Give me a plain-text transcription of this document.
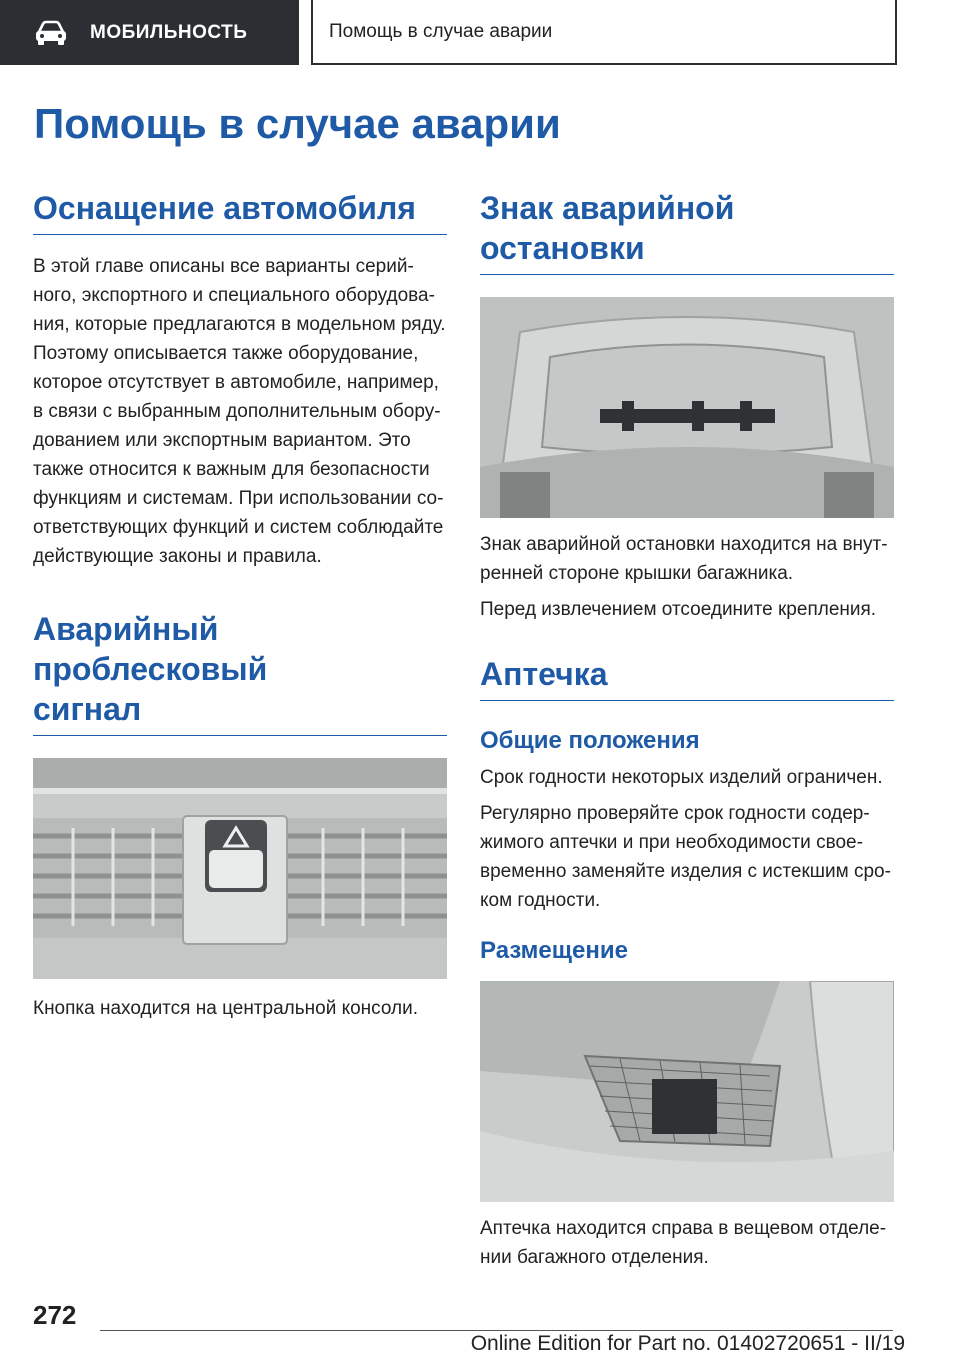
МОБИЛЬНОСТЬ	Помощь в случае аварии
Помощь в случае аварии
Оснащение автомобиля

В этой главе описаны все варианты серий-
ного, экспортного и специального оборудова-
ния, которые предлагаются в модельном ряду.
Поэтому описывается также оборудование,
которое отсутствует в автомобиле, например,
в связи с выбранным дополнительным обору-
дованием или экспортным вариантом. Это
также относится к важным для безопасности
функциям и системам. При использовании со-
ответствующих функций и систем соблюдайте
действующие законы и правила.

Аварийный проблесковый
сигнал

Кнопка находится на центральной консоли.

Знак аварийной
остановки

Знак аварийной остановки находится на внут-
ренней стороне крышки багажника.

Перед извлечением отсоедините крепления.

Аптечка
Общие положения

Срок годности некоторых изделий ограничен.

Регулярно проверяйте срок годности содер-
жимого аптечки и при необходимости свое-
временно заменяйте изделия с истекшим сро-
ком годности.

Размещение

Аптечка находится справа в вещевом отделе-
нии багажного отделения.

272
Online Edition for Part no. 01402720651 - II/19
